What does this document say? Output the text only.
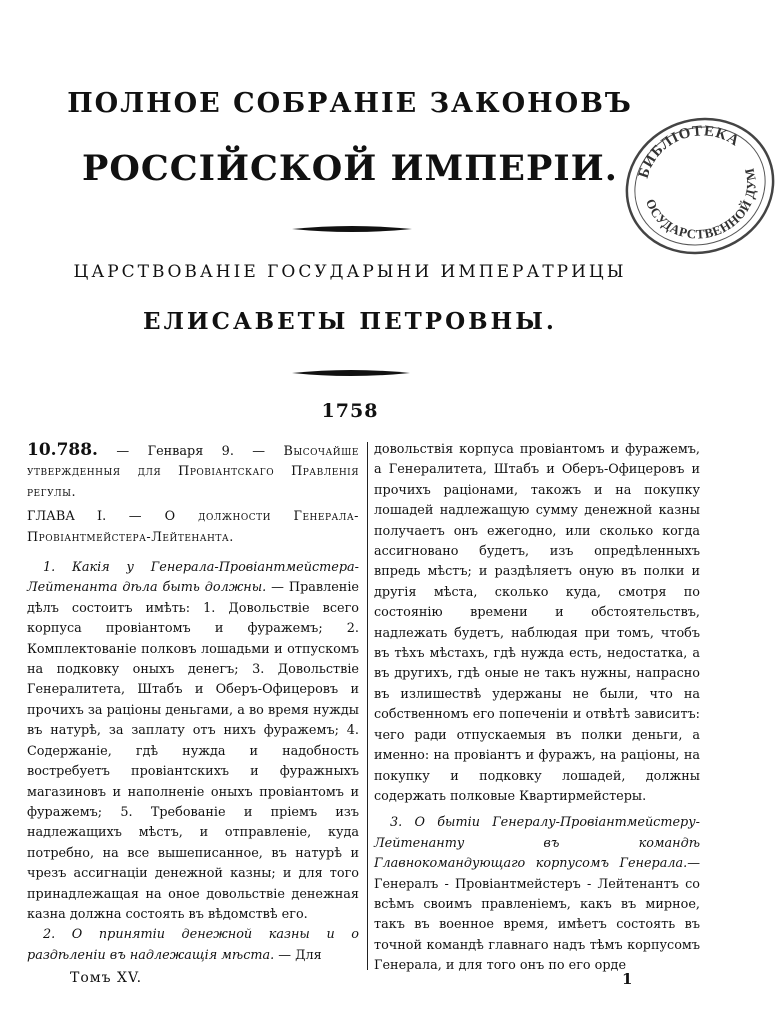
ПОЛНОЕ СОБРАНІЕ ЗАКОНОВЪ
РОССІЙСКОЙ ИМПЕРІИ.
ЦАРСТВОВАНІЕ ГОСУДАРЫНИ ИМПЕРАТРИЦЫ
ЕЛИСАВЕТЫ ПЕТРОВНЫ.
1758
БИБЛІОТЕКА
ГОСУДАРСТВЕННОЙ ДУМЫ

10.788. — Генваря 9. — Высочайше утвержденныя для Провіантскаго Правленія регулы.

ГЛАВА I. — О должности Генерала-Провіантмейстера-Лейтенанта.

1. Какія у Генерала-Провіантмейстера-Лейтенанта дѣла быть должны. — Правленіе дѣлъ состоитъ имѣть: 1. Довольствіе всего корпуса провіантомъ и фуражемъ; 2. Комплектованіе полковъ лошадьми и отпускомъ на подковку оныхъ денегъ; 3. Довольствіе Генералитета, Штабъ и Оберъ-Офицеровъ и прочихъ за раціоны деньгами, а во время нужды въ натурѣ, за заплату отъ нихъ фуражемъ; 4. Содержаніе, гдѣ нужда и надобность востребуетъ провіантскихъ и фуражныхъ магазиновъ и наполненіе оныхъ провіантомъ и фуражемъ; 5. Требованіе и пріемъ изъ надлежащихъ мѣстъ, и отправленіе, куда потребно, на все вышеписанное, въ натурѣ и чрезъ ассигнаціи денежной казны; и для того принадлежащая на оное довольствіе денежная казна должна состоять въ вѣдомствѣ его.

2. О принятіи денежной казны и о раздѣленіи въ надлежащія мѣста. — Для

довольствія корпуса провіантомъ и фуражемъ, а Генералитета, Штабъ и Оберъ-Офицеровъ и прочихъ раціонами, такожъ и на покупку лошадей надлежащую сумму денежной казны получаетъ онъ ежегодно, или сколько когда ассигновано будетъ, изъ опредѣленныхъ впредь мѣстъ; и раздѣляетъ оную въ полки и другія мѣста, сколько куда, смотря по состоянію времени и обстоятельствъ, надлежать будетъ, наблюдая при томъ, чтобъ въ тѣхъ мѣстахъ, гдѣ нужда есть, недостатка, а въ другихъ, гдѣ оные не такъ нужны, напрасно въ излишествѣ удержаны не были, что на собственномъ его попеченіи и отвѣтѣ зависитъ: чего ради отпускаемыя въ полки деньги, а именно: на провіантъ и фуражъ, на раціоны, на покупку и подковку лошадей, должны содержать полковые Квартирмейстеры.

3. О бытіи Генералу-Провіантмейстеру-Лейтенанту въ командѣ Главнокомандующаго корпусомъ Генерала.— Генералъ - Провіантмейстеръ - Лейтенантъ со всѣмъ своимъ правленіемъ, какъ въ мирное, такъ въ военное время, имѣетъ состоять въ точной командѣ главнаго надъ тѣмъ корпусомъ Генерала, и для того онъ по его орде

Томъ XV.	1
